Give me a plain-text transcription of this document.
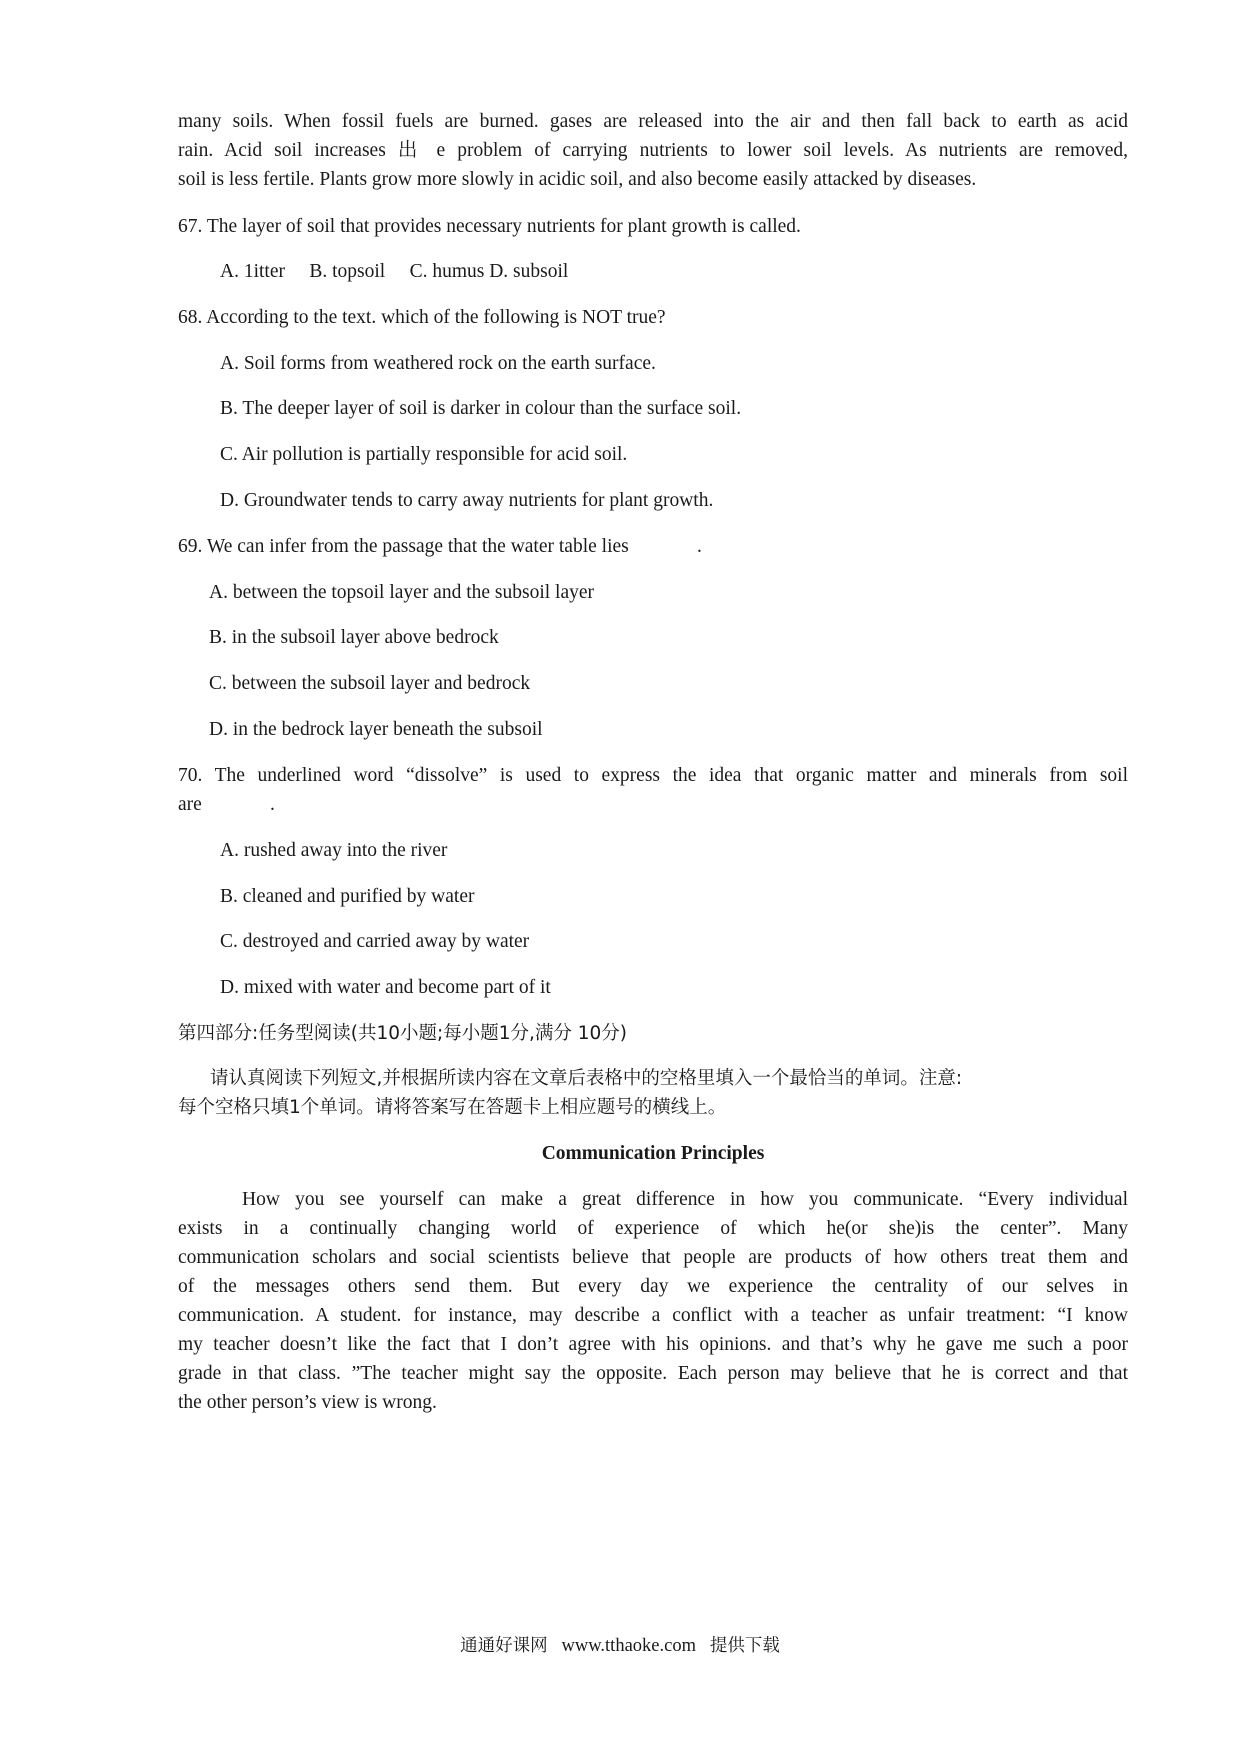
many soils. When fossil fuels are burned. gases are released into the air and then fall back to earth as acid
rain. Acid soil increases 出 e problem of carrying nutrients to lower soil levels. As nutrients are removed,
soil is less fertile. Plants grow more slowly in acidic soil, and also become easily attacked by diseases.
67. The layer of soil that provides necessary nutrients for plant growth is called.
A. 1itter     B. topsoil     C. humus D. subsoil
68. According to the text. which of the following is NOT true?
A. Soil forms from weathered rock on the earth surface.
B. The deeper layer of soil is darker in colour than the surface soil.
C. Air pollution is partially responsible for acid soil.
D. Groundwater tends to carry away nutrients for plant growth.
69. We can infer from the passage that the water table lies              .
A. between the topsoil layer and the subsoil layer
B. in the subsoil layer above bedrock
C. between the subsoil layer and bedrock
D. in the bedrock layer beneath the subsoil
70. The underlined word “dissolve” is used to express the idea that organic matter and minerals from soil
are              .
A. rushed away into the river
B. cleaned and purified by water
C. destroyed and carried away by water
D. mixed with water and become part of it
第四部分:任务型阅读(共10小题;每小题1分,满分 10分)
请认真阅读下列短文,并根据所读内容在文章后表格中的空格里填入一个最恰当的单词。注意:
每个空格只填1个单词。请将答案写在答题卡上相应题号的横线上。
Communication Principles
How you see yourself can make a great difference in how you communicate. “Every individual
exists in a continually changing world of experience of which he(or she)is the center”. Many
communication scholars and social scientists believe that people are products of how others treat them and
of the messages others send them. But every day we experience the centrality of our selves in
communication. A student. for instance, may describe a conflict with a teacher as unfair treatment: “I know
my teacher doesn’t like the fact that I don’t agree with his opinions. and that’s why he gave me such a poor
grade in that class. ”The teacher might say the opposite. Each person may believe that he is correct and that
the other person’s view is wrong.
通通好课网 www.tthaoke.com 提供下载
